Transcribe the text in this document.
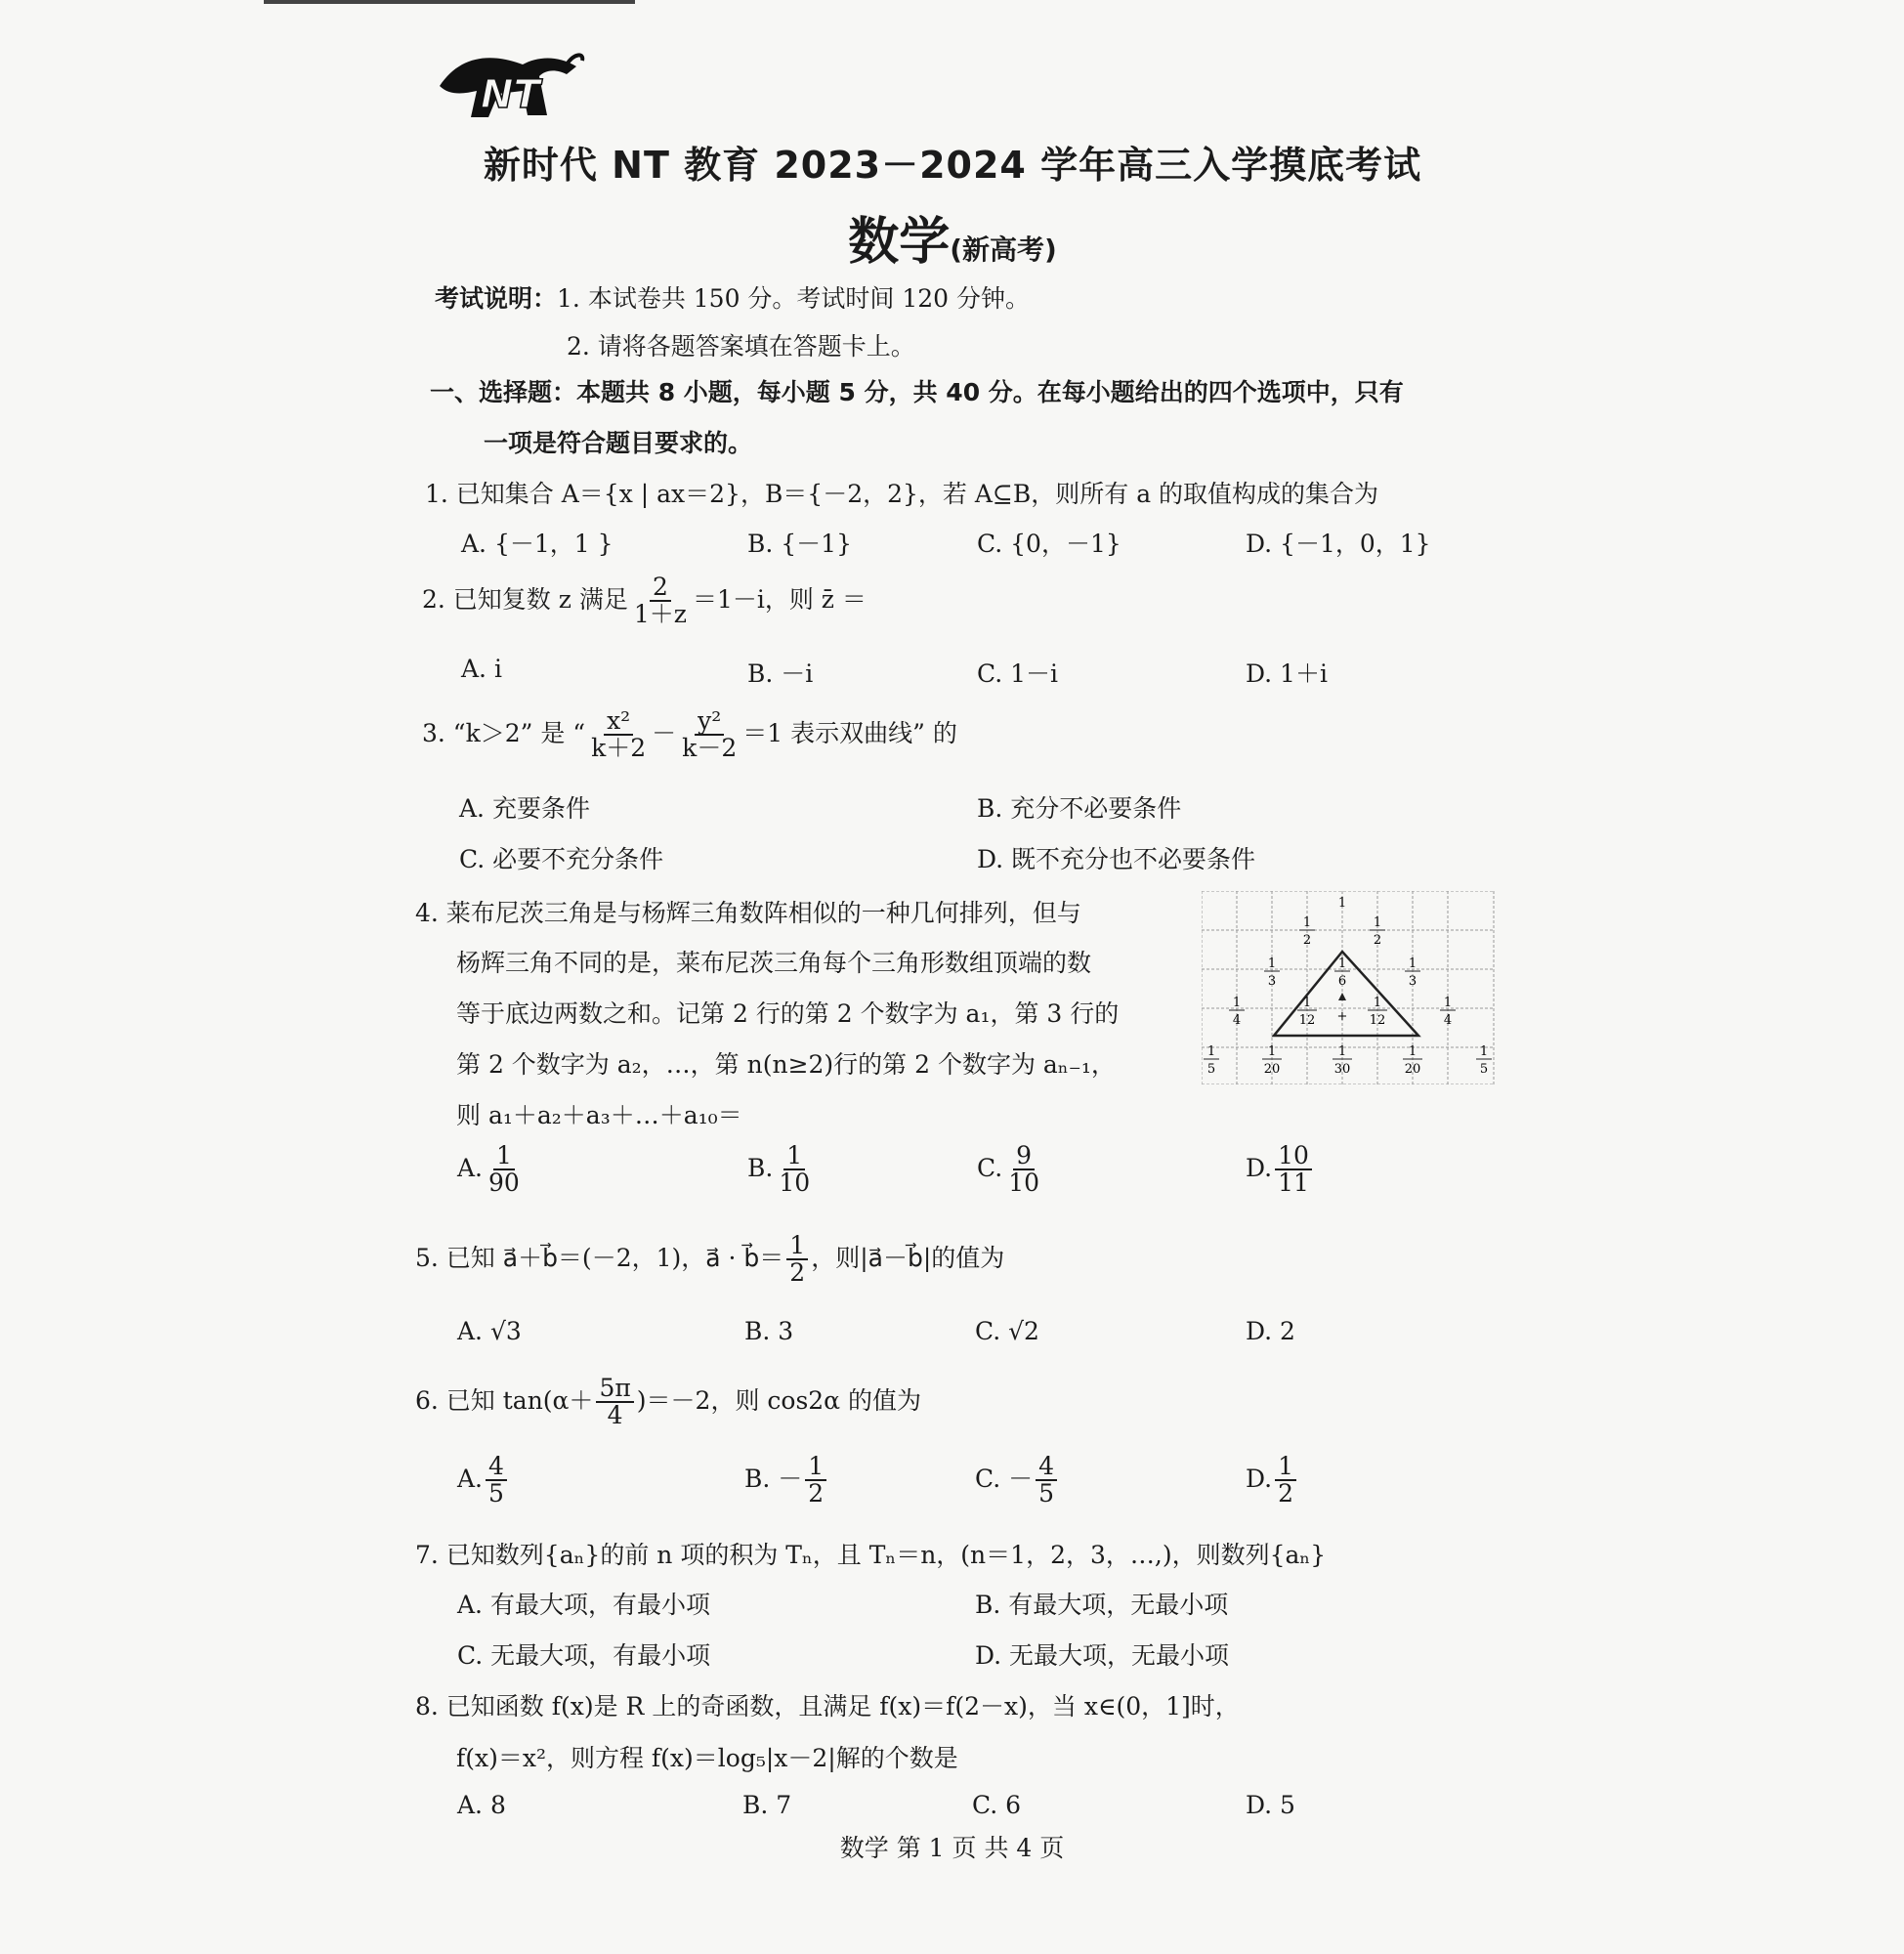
NT
新时代 NT 教育 2023－2024 学年高三入学摸底考试
数学(新高考)
考试说明：1. 本试卷共 150 分。考试时间 120 分钟。
2. 请将各题答案填在答题卡上。
一、选择题：本题共 8 小题，每小题 5 分，共 40 分。在每小题给出的四个选项中，只有
一项是符合题目要求的。
1. 已知集合 A＝{x | ax＝2}，B＝{－2，2}，若 A⊆B，则所有 a 的取值构成的集合为
A. {－1，1 }	B. {－1}	C. {0，－1}	D. {－1，0，1}
2. 已知复数 z 满足 $\frac{2}{1+z} =1-i$，则 z̄ ＝
A. i	B. －i	C. 1－i	D. 1＋i
3. “k＞2” 是 “ $\frac{\text{x²}}{k+2} - \frac{\text{y²}}{k-2} =1$ 表示双曲线” 的
A. 充要条件	B. 充分不必要条件
C. 必要不充分条件	D. 既不充分也不必要条件
4. 莱布尼茨三角是与杨辉三角数阵相似的一种几何排列，但与
杨辉三角不同的是，莱布尼茨三角每个三角形数组顶端的数
等于底边两数之和。记第 2 行的第 2 个数字为 a₁，第 3 行的
第 2 个数字为 a₂，…，第 n(n≥2)行的第 2 个数字为 aₙ₋₁，
则 a₁＋a₂＋a₃＋…＋a₁₀＝
1
1
2
1
2
1
3
1
6
1
3
1
4
1
12
1
12
1
4
+
1
5
1
20
1
30
1
20
1
5
A. $\frac{1}{90}$	B. $\frac{1}{10}$	C. $\frac{9}{10}$	D. $\frac{10}{11}$
5. 已知 a⃗＋b⃗＝(－2，1)，a⃗ · b⃗＝ $\frac{1}{2}$ ，则|a⃗－b⃗|的值为
A. √3	B. 3	C. √2	D. 2
6. 已知 $\tan(\alpha+ \frac{5\pi}{4} )=-2$，则 cos2α 的值为
A. $\frac{4}{5}$	B. － $\frac{1}{2}$	C. － $\frac{4}{5}$	D. $\frac{1}{2}$
7. 已知数列{aₙ}的前 n 项的积为 Tₙ，且 Tₙ＝n，(n＝1，2，3，…,)，则数列{aₙ}
A. 有最大项，有最小项	B. 有最大项，无最小项
C. 无最大项，有最小项	D. 无最大项，无最小项
8. 已知函数 f(x)是 R 上的奇函数，且满足 f(x)＝f(2－x)，当 x∈(0，1]时，
f(x)＝x²，则方程 f(x)＝log₅|x－2|解的个数是
A. 8	B. 7	C. 6	D. 5
数学 第 1 页 共 4 页
